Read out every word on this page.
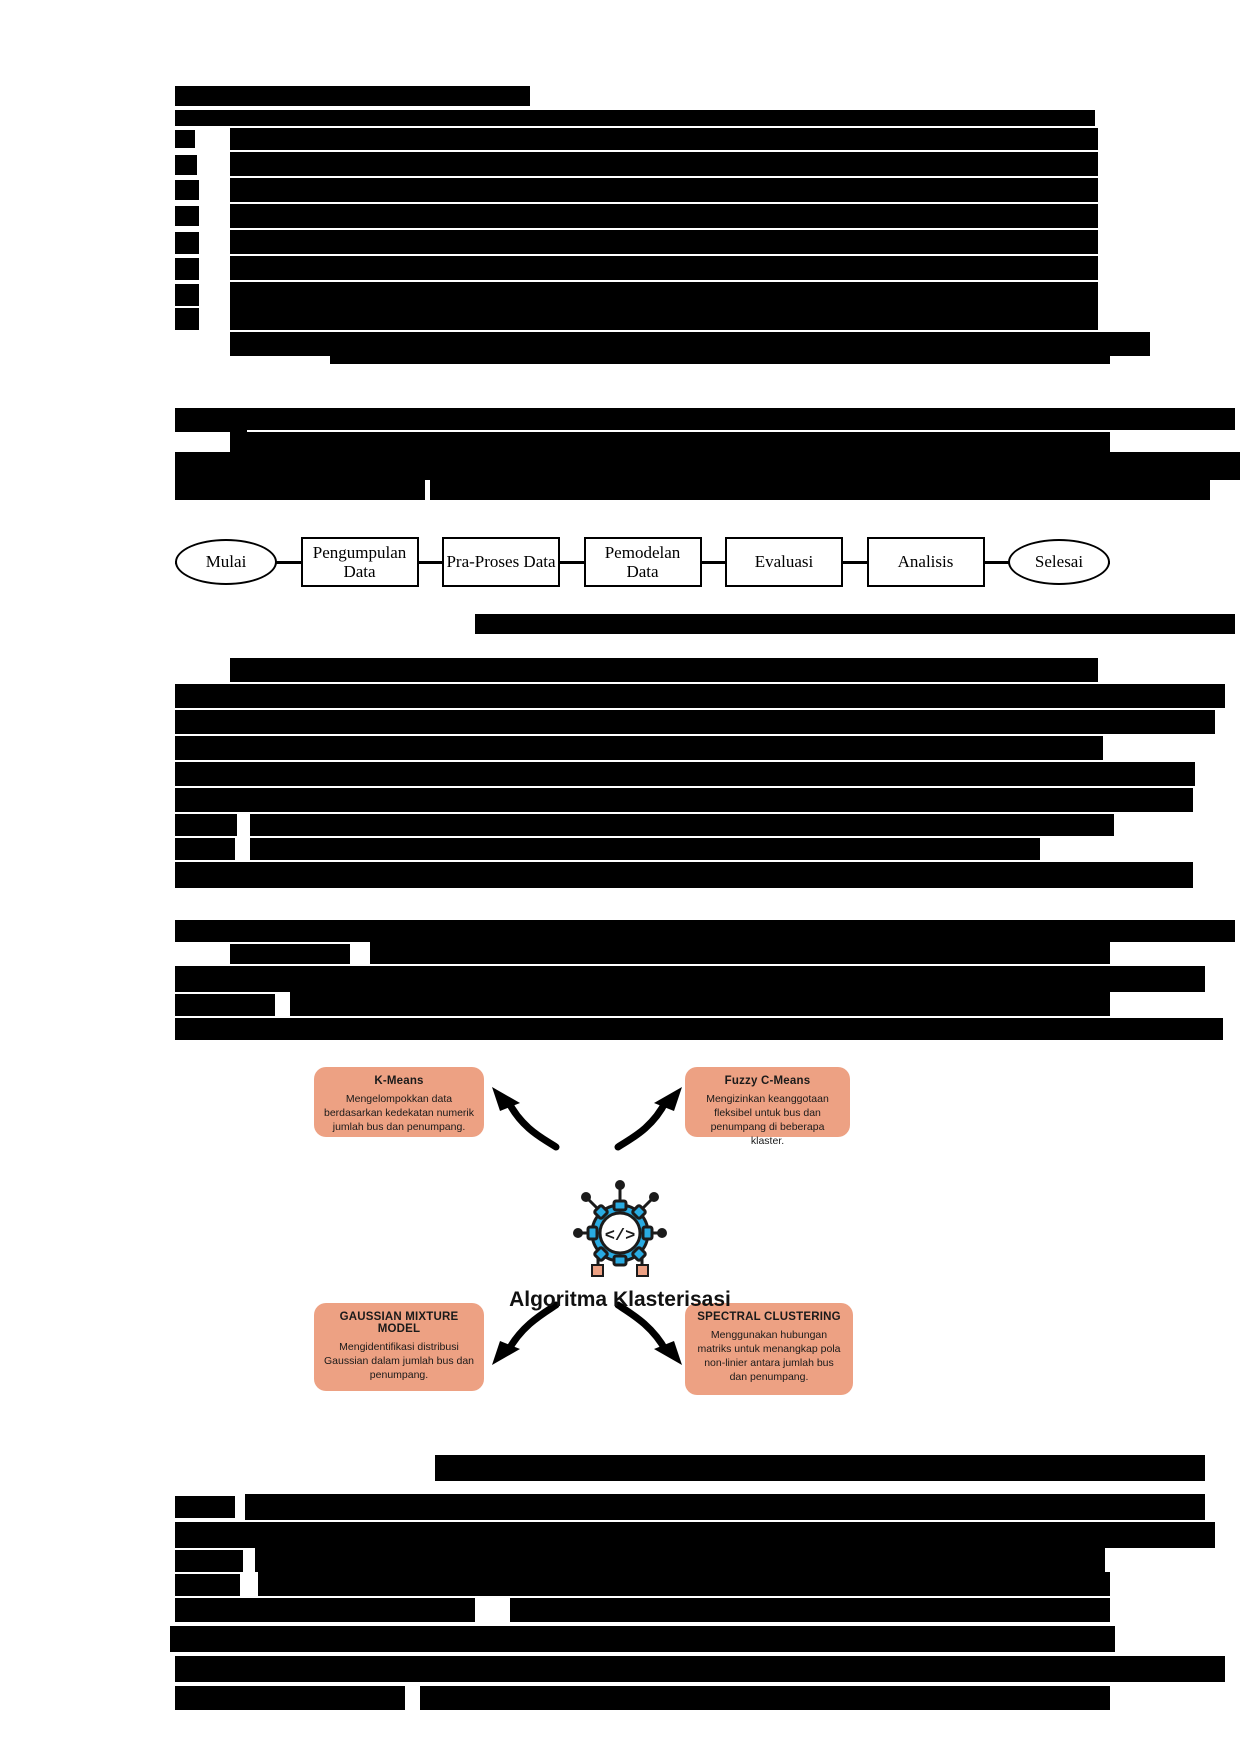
Mulai
Pengumpulan Data
Pra-Proses Data
Pemodelan Data
Evaluasi	Analisis	Selesai
K-Means
Mengelompokkan data berdasarkan kedekatan numerik jumlah bus dan penumpang.
Fuzzy C-Means
Mengizinkan keanggotaan fleksibel untuk bus dan penumpang di beberapa klaster.
GAUSSIAN MIXTURE MODEL
Mengidentifikasi distribusi Gaussian dalam jumlah bus dan penumpang.
SPECTRAL CLUSTERING
Menggunakan hubungan matriks untuk menangkap pola non-linier antara jumlah bus dan penumpang.
</>
Algoritma Klasterisasi
